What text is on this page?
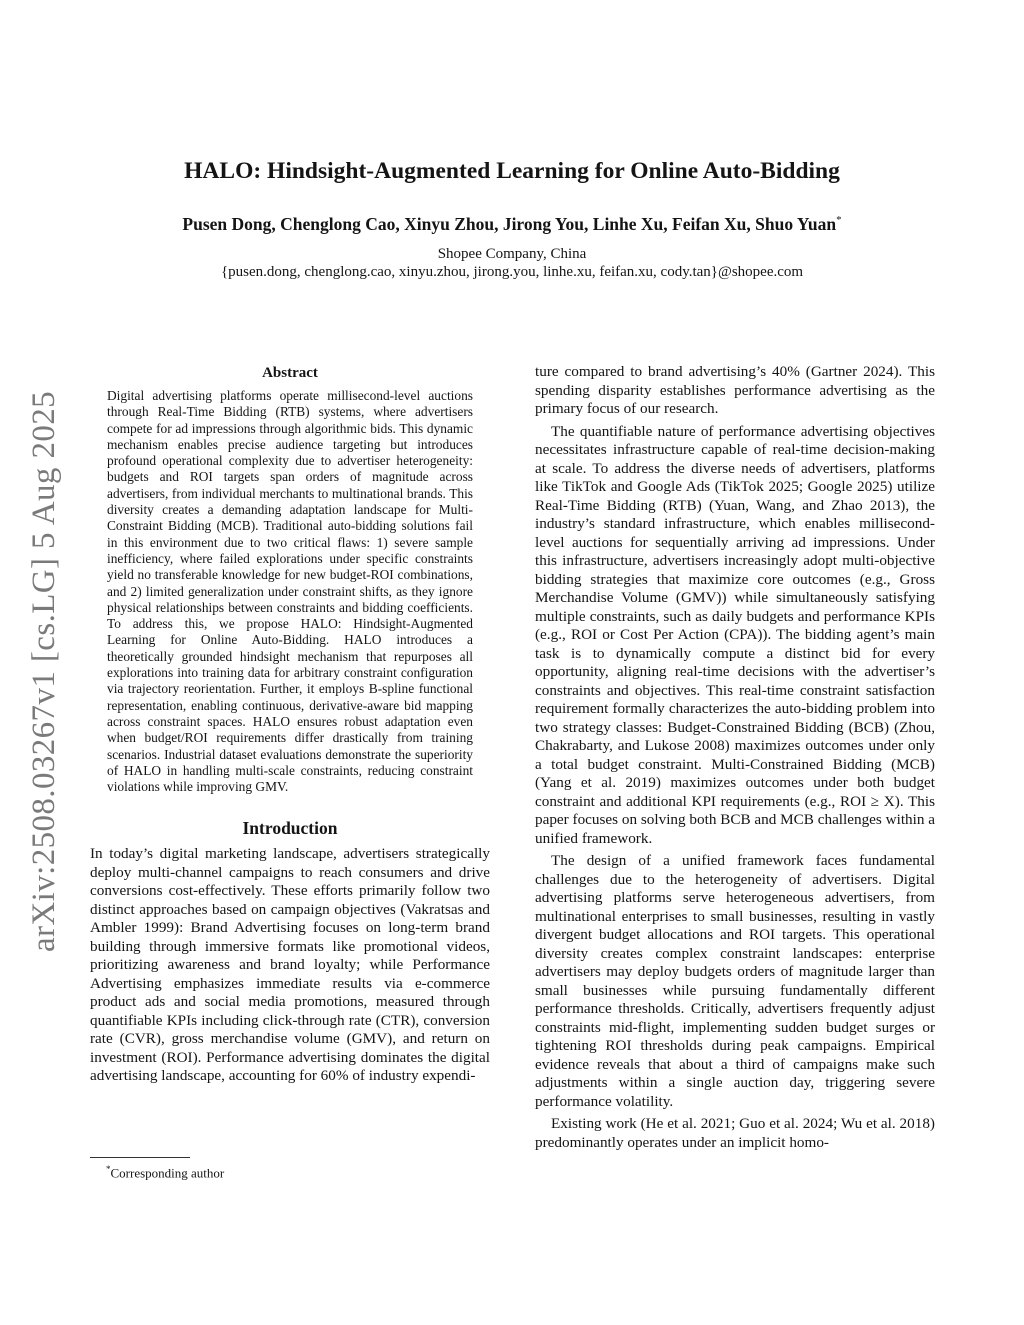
arXiv:2508.03267v1 [cs.LG] 5 Aug 2025
HALO: Hindsight-Augmented Learning for Online Auto-Bidding

Pusen Dong, Chenglong Cao, Xinyu Zhou, Jirong You, Linhe Xu, Feifan Xu, Shuo Yuan*

Shopee Company, China

{pusen.dong, chenglong.cao, xinyu.zhou, jirong.you, linhe.xu, feifan.xu, cody.tan}@shopee.com

Abstract

Digital advertising platforms operate millisecond-level auctions through Real-Time Bidding (RTB) systems, where advertisers compete for ad impressions through algorithmic bids. This dynamic mechanism enables precise audience targeting but introduces profound operational complexity due to advertiser heterogeneity: budgets and ROI targets span orders of magnitude across advertisers, from individual merchants to multinational brands. This diversity creates a demanding adaptation landscape for Multi-Constraint Bidding (MCB). Traditional auto-bidding solutions fail in this environment due to two critical flaws: 1) severe sample inefficiency, where failed explorations under specific constraints yield no transferable knowledge for new budget-ROI combinations, and 2) limited generalization under constraint shifts, as they ignore physical relationships between constraints and bidding coefficients. To address this, we propose HALO: Hindsight-Augmented Learning for Online Auto-Bidding. HALO introduces a theoretically grounded hindsight mechanism that repurposes all explorations into training data for arbitrary constraint configuration via trajectory reorientation. Further, it employs B-spline functional representation, enabling continuous, derivative-aware bid mapping across constraint spaces. HALO ensures robust adaptation even when budget/ROI requirements differ drastically from training scenarios. Industrial dataset evaluations demonstrate the superiority of HALO in handling multi-scale constraints, reducing constraint violations while improving GMV.

Introduction

In today’s digital marketing landscape, advertisers strategically deploy multi-channel campaigns to reach consumers and drive conversions cost-effectively. These efforts primarily follow two distinct approaches based on campaign objectives (Vakratsas and Ambler 1999): Brand Advertising focuses on long-term brand building through immersive formats like promotional videos, prioritizing awareness and brand loyalty; while Performance Advertising emphasizes immediate results via e-commerce product ads and social media promotions, measured through quantifiable KPIs including click-through rate (CTR), conversion rate (CVR), gross merchandise volume (GMV), and return on investment (ROI). Performance advertising dominates the digital advertising landscape, accounting for 60% of industry expendi-

ture compared to brand advertising’s 40% (Gartner 2024). This spending disparity establishes performance advertising as the primary focus of our research.

The quantifiable nature of performance advertising objectives necessitates infrastructure capable of real-time decision-making at scale. To address the diverse needs of advertisers, platforms like TikTok and Google Ads (TikTok 2025; Google 2025) utilize Real-Time Bidding (RTB) (Yuan, Wang, and Zhao 2013), the industry’s standard infrastructure, which enables millisecond-level auctions for sequentially arriving ad impressions. Under this infrastructure, advertisers increasingly adopt multi-objective bidding strategies that maximize core outcomes (e.g., Gross Merchandise Volume (GMV)) while simultaneously satisfying multiple constraints, such as daily budgets and performance KPIs (e.g., ROI or Cost Per Action (CPA)). The bidding agent’s main task is to dynamically compute a distinct bid for every opportunity, aligning real-time decisions with the advertiser’s constraints and objectives. This real-time constraint satisfaction requirement formally characterizes the auto-bidding problem into two strategy classes: Budget-Constrained Bidding (BCB) (Zhou, Chakrabarty, and Lukose 2008) maximizes outcomes under only a total budget constraint. Multi-Constrained Bidding (MCB) (Yang et al. 2019) maximizes outcomes under both budget constraint and additional KPI requirements (e.g., ROI ≥ X). This paper focuses on solving both BCB and MCB challenges within a unified framework.

The design of a unified framework faces fundamental challenges due to the heterogeneity of advertisers. Digital advertising platforms serve heterogeneous advertisers, from multinational enterprises to small businesses, resulting in vastly divergent budget allocations and ROI targets. This operational diversity creates complex constraint landscapes: enterprise advertisers may deploy budgets orders of magnitude larger than small businesses while pursuing fundamentally different performance thresholds. Critically, advertisers frequently adjust constraints mid-flight, implementing sudden budget surges or tightening ROI thresholds during peak campaigns. Empirical evidence reveals that about a third of campaigns make such adjustments within a single auction day, triggering severe performance volatility.

Existing work (He et al. 2021; Guo et al. 2024; Wu et al. 2018) predominantly operates under an implicit homo-

*Corresponding author
